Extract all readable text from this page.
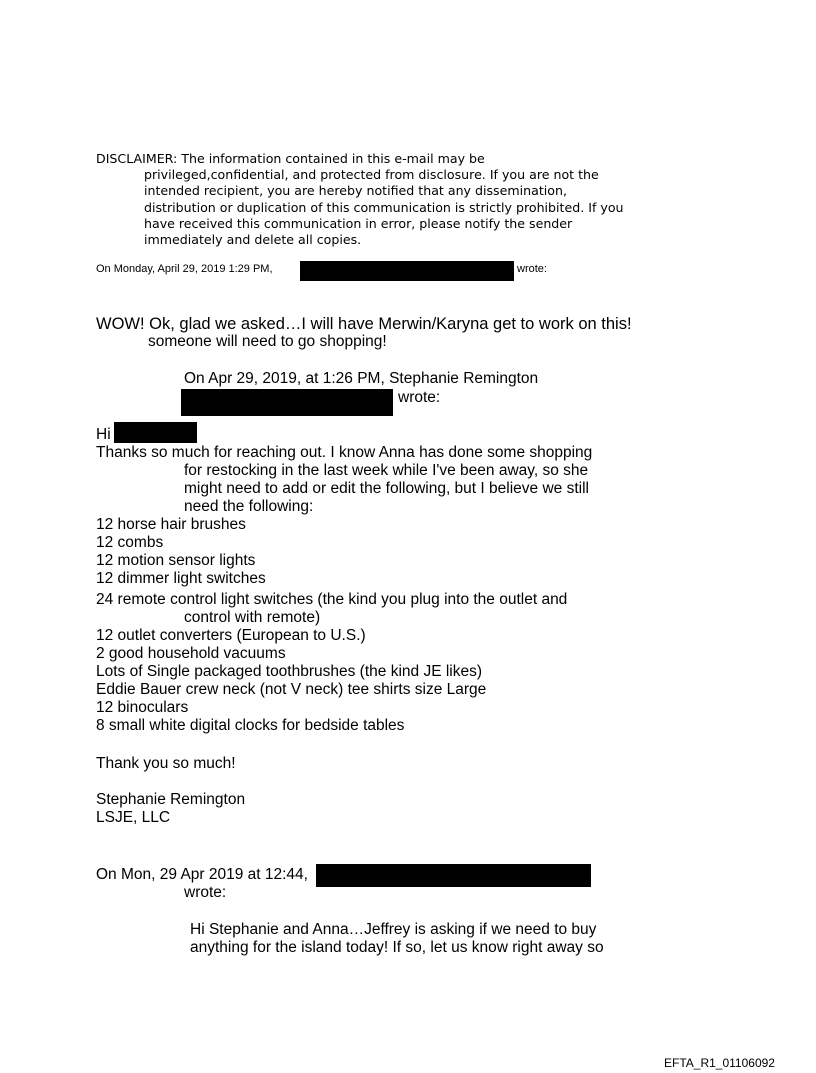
DISCLAIMER: The information contained in this e-mail may be
privileged,confidential, and protected from disclosure. If you are not the
intended recipient, you are hereby notified that any dissemination,
distribution or duplication of this communication is strictly prohibited. If you
have received this communication in error, please notify the sender
immediately and delete all copies.
On Monday, April 29, 2019 1:29 PM,	wrote:
WOW! Ok, glad we asked…I will have Merwin/Karyna get to work on this!
someone will need to go shopping!
On Apr 29, 2019, at 1:26 PM, Stephanie Remington
wrote:
Hi
Thanks so much for reaching out. I know Anna has done some shopping
for restocking in the last week while I've been away, so she
might need to add or edit the following, but I believe we still
need the following:
12 horse hair brushes
12 combs
12 motion sensor lights
12 dimmer light switches
24 remote control light switches (the kind you plug into the outlet and
control with remote)
12 outlet converters (European to U.S.)
2 good household vacuums
Lots of Single packaged toothbrushes (the kind JE likes)
Eddie Bauer crew neck (not V neck) tee shirts size Large
12 binoculars
8 small white digital clocks for bedside tables
Thank you so much!
Stephanie Remington
LSJE, LLC
On Mon, 29 Apr 2019 at 12:44,
wrote:
Hi Stephanie and Anna…Jeffrey is asking if we need to buy
anything for the island today! If so, let us know right away so
EFTA_R1_01106092
